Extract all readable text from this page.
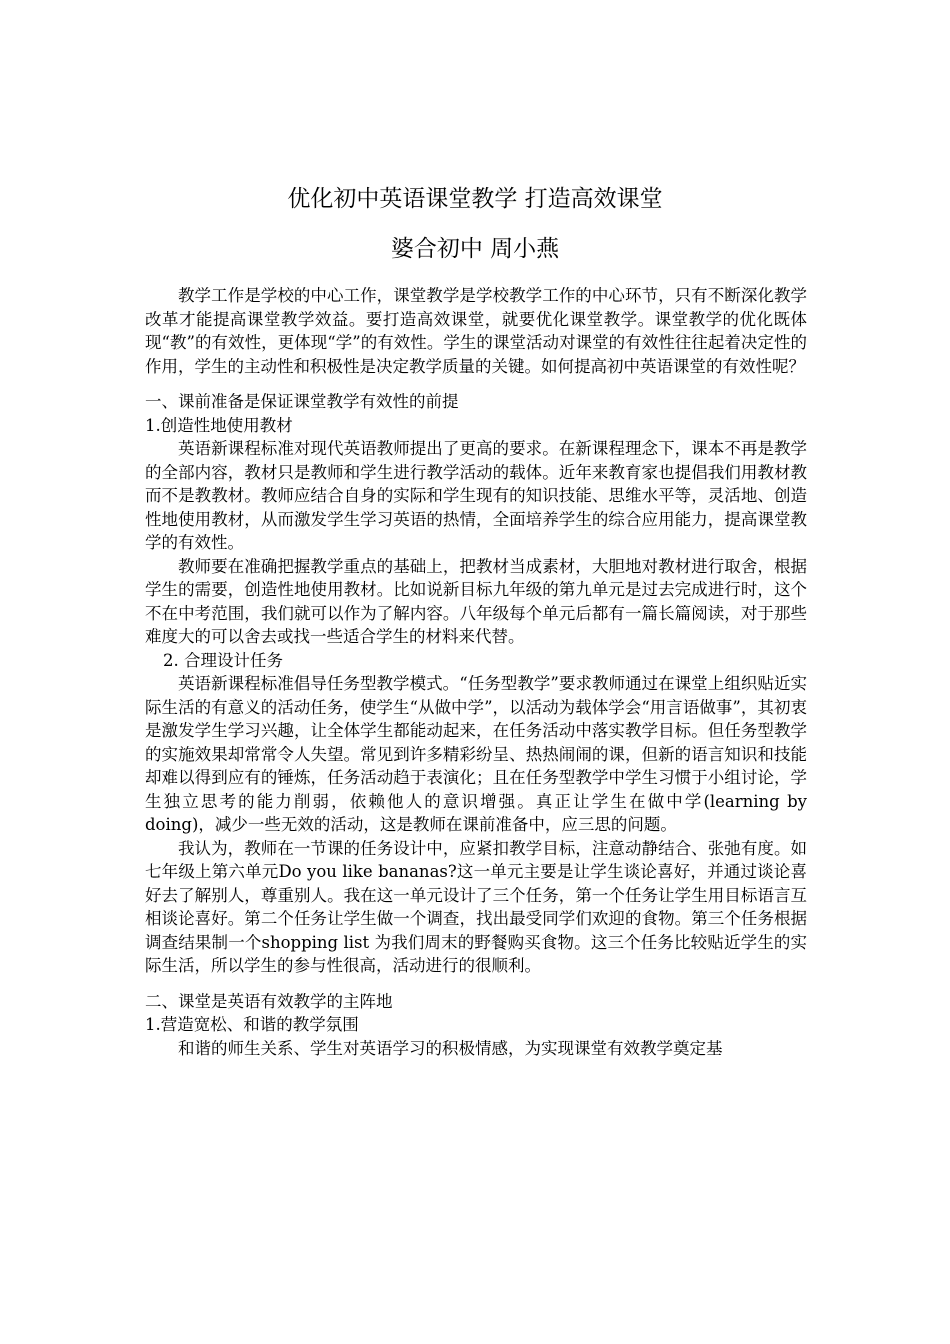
优化初中英语课堂教学 打造高效课堂
婆合初中 周小燕

教学工作是学校的中心工作，课堂教学是学校教学工作的中心环节，只有不断深化教学改革才能提高课堂教学效益。要打造高效课堂，就要优化课堂教学。课堂教学的优化既体现“教”的有效性，更体现“学”的有效性。学生的课堂活动对课堂的有效性往往起着决定性的作用，学生的主动性和积极性是决定教学质量的关键。如何提高初中英语课堂的有效性呢？

一、课前准备是保证课堂教学有效性的前提

1.创造性地使用教材

英语新课程标准对现代英语教师提出了更高的要求。在新课程理念下，课本不再是教学的全部内容，教材只是教师和学生进行教学活动的载体。近年来教育家也提倡我们用教材教而不是教教材。教师应结合自身的实际和学生现有的知识技能、思维水平等，灵活地、创造性地使用教材，从而激发学生学习英语的热情，全面培养学生的综合应用能力，提高课堂教学的有效性。

教师要在准确把握教学重点的基础上，把教材当成素材，大胆地对教材进行取舍，根据学生的需要，创造性地使用教材。比如说新目标九年级的第九单元是过去完成进行时，这个不在中考范围，我们就可以作为了解内容。八年级每个单元后都有一篇长篇阅读，对于那些难度大的可以舍去或找一些适合学生的材料来代替。

2. 合理设计任务

英语新课程标准倡导任务型教学模式。“任务型教学”要求教师通过在课堂上组织贴近实际生活的有意义的活动任务，使学生“从做中学”，以活动为载体学会“用言语做事”，其初衷是激发学生学习兴趣，让全体学生都能动起来，在任务活动中落实教学目标。但任务型教学的实施效果却常常令人失望。常见到许多精彩纷呈、热热闹闹的课，但新的语言知识和技能却难以得到应有的锤炼，任务活动趋于表演化；且在任务型教学中学生习惯于小组讨论，学生独立思考的能力削弱，依赖他人的意识增强。真正让学生在做中学(learning by doing)，减少一些无效的活动，这是教师在课前准备中，应三思的问题。

我认为，教师在一节课的任务设计中，应紧扣教学目标，注意动静结合、张弛有度。如七年级上第六单元Do you like bananas?这一单元主要是让学生谈论喜好，并通过谈论喜好去了解别人，尊重别人。我在这一单元设计了三个任务，第一个任务让学生用目标语言互相谈论喜好。第二个任务让学生做一个调查，找出最受同学们欢迎的食物。第三个任务根据调查结果制一个shopping list 为我们周末的野餐购买食物。这三个任务比较贴近学生的实际生活，所以学生的参与性很高，活动进行的很顺利。

二、课堂是英语有效教学的主阵地

1.营造宽松、和谐的教学氛围

和谐的师生关系、学生对英语学习的积极情感，为实现课堂有效教学奠定基
